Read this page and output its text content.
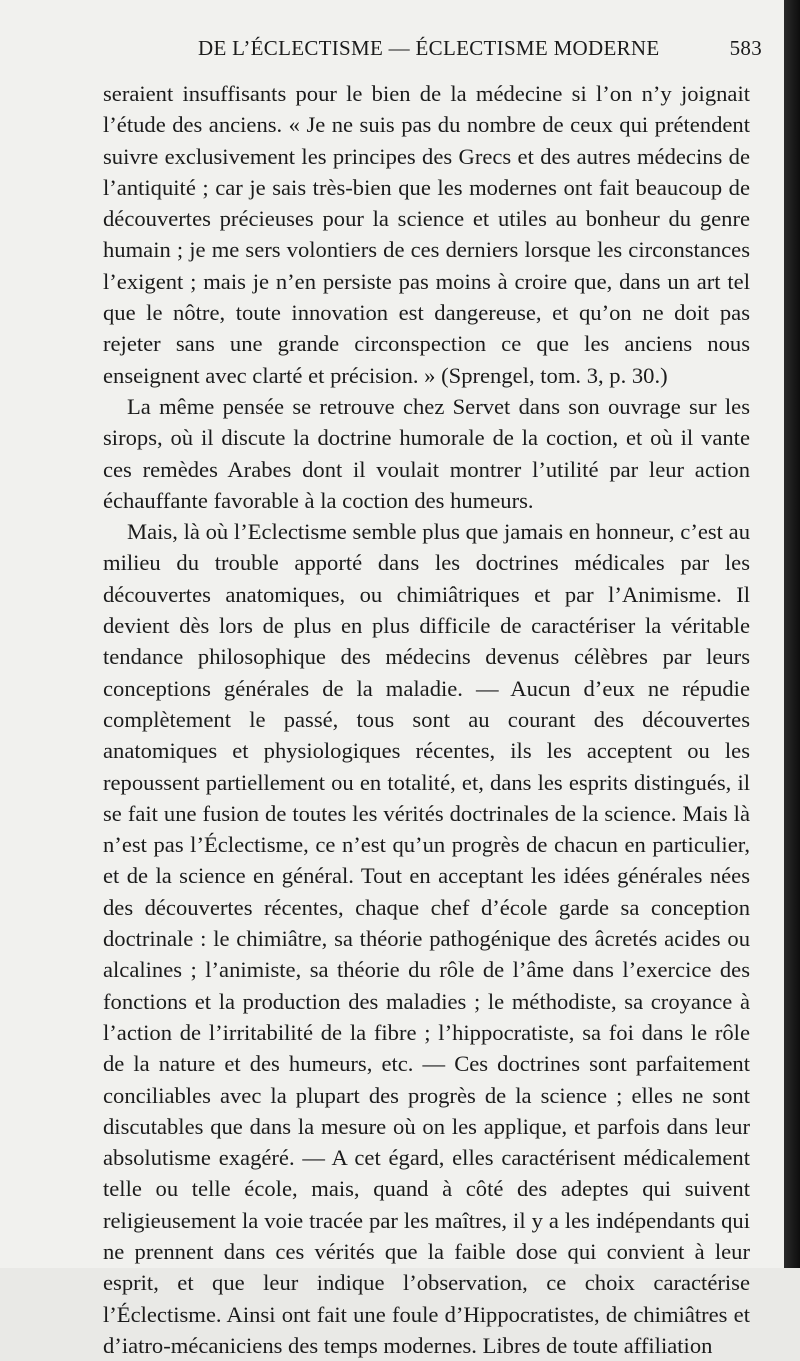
DE L’ÉCLECTISME — ÉCLECTISME MODERNE	583

seraient insuffisants pour le bien de la médecine si l’on n’y joignait l’étude des anciens. « Je ne suis pas du nombre de ceux qui prétendent suivre exclusivement les principes des Grecs et des autres médecins de l’antiquité ; car je sais très-bien que les modernes ont fait beaucoup de découvertes précieuses pour la science et utiles au bonheur du genre humain ; je me sers volontiers de ces derniers lorsque les circonstances l’exigent ; mais je n’en persiste pas moins à croire que, dans un art tel que le nôtre, toute innovation est dangereuse, et qu’on ne doit pas rejeter sans une grande circonspection ce que les anciens nous enseignent avec clarté et précision. » (Sprengel, tom. 3, p. 30.)

La même pensée se retrouve chez Servet dans son ouvrage sur les sirops, où il discute la doctrine humorale de la coction, et où il vante ces remèdes Arabes dont il voulait montrer l’utilité par leur action échauffante favorable à la coction des humeurs.

Mais, là où l’Eclectisme semble plus que jamais en honneur, c’est au milieu du trouble apporté dans les doctrines médicales par les découvertes anatomiques, ou chimiâtriques et par l’Animisme. Il devient dès lors de plus en plus difficile de caractériser la véritable tendance philosophique des médecins devenus célèbres par leurs conceptions générales de la maladie. — Aucun d’eux ne répudie complètement le passé, tous sont au courant des découvertes anatomiques et physiologiques récentes, ils les acceptent ou les repoussent partiellement ou en totalité, et, dans les esprits distingués, il se fait une fusion de toutes les vérités doctrinales de la science. Mais là n’est pas l’Éclectisme, ce n’est qu’un progrès de chacun en particulier, et de la science en général. Tout en acceptant les idées générales nées des découvertes récentes, chaque chef d’école garde sa conception doctrinale : le chimiâtre, sa théorie pathogénique des âcretés acides ou alcalines ; l’animiste, sa théorie du rôle de l’âme dans l’exercice des fonctions et la production des maladies ; le méthodiste, sa croyance à l’action de l’irritabilité de la fibre ; l’hippocratiste, sa foi dans le rôle de la nature et des humeurs, etc. — Ces doctrines sont parfaitement conciliables avec la plupart des progrès de la science ; elles ne sont discutables que dans la mesure où on les applique, et parfois dans leur absolutisme exagéré. — A cet égard, elles caractérisent médicalement telle ou telle école, mais, quand à côté des adeptes qui suivent religieusement la voie tracée par les maîtres, il y a les indépendants qui ne prennent dans ces vérités que la faible dose qui convient à leur esprit, et que leur indique l’observation, ce choix caractérise l’Éclectisme. Ainsi ont fait une foule d’Hippocratistes, de chimiâtres et d’iatro-mécaniciens des temps modernes. Libres de toute affiliation
